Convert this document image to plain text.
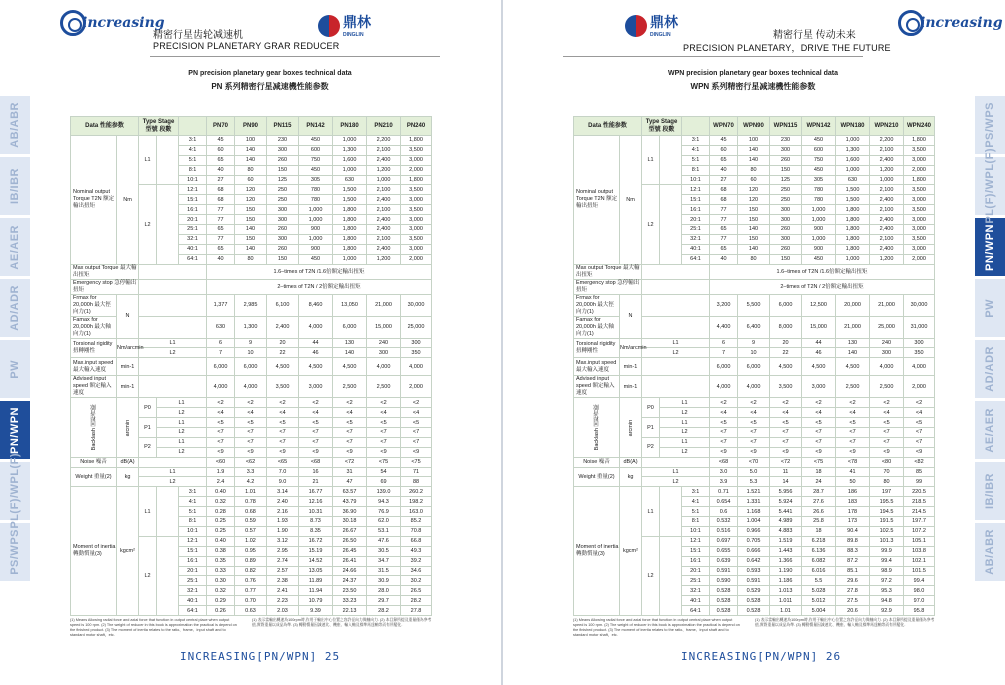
increasing	鼎林
DINGLIN
精密行星齿轮减速机
PRECISION PLANETARY GRAR REDUCER
PN precision planetary gear boxes technical data
PN 系列精密行星减速機性能参数
AB/ABR
IB/IBR
AE/AER
AD/ADR
PW
PN/WPN
PL(F)/WPL(F)
PS/WPS
Data 性能参数		Type Stage
型號 段數			PN70	PN90	PN115	PN142	PN180	PN210	PN240
Nominal output Torque T2N 额定輸出扭矩	Nm	L1		3:1	45	100	230	450	1,000	2,200	1,800
				4:1	60	140	300	600	1,300	2,100	3,500
				5:1	65	140	260	750	1,600	2,400	3,000
				8:1	40	80	150	450	1,000	1,200	2,000
				10:1	27	60	125	305	630	1,000	1,800
		L2		12:1	68	120	250	780	1,500	2,100	3,500
				15:1	68	120	250	780	1,500	2,400	3,000
				16:1	77	150	300	1,000	1,800	2,100	3,500
				20:1	77	150	300	1,000	1,800	2,400	3,000
				25:1	65	140	260	900	1,800	2,400	3,000
				32:1	77	150	300	1,000	1,800	2,100	3,500
				40:1	65	140	260	900	1,800	2,400	3,000
				64:1	40	80	150	450	1,000	1,200	2,000
Max output Torque 最大輸出扭矩					1.6–times of T2N /1.6倍額定輸出扭矩						
Emergency stop 急停輸出扭矩					2–times of T2N / 2倍額定輸出扭矩						
Frmax for 20,000h 最大徑向力(1)	N				1,377	2,985	6,100	8,460	13,050	21,000	30,000
Famax for 20,000h 最大軸向力(1)					630	1,300	2,400	4,000	6,000	15,000	25,000
Torsional rigidity 扭轉剛性	Nm/arcmin	L1			6	9	20	44	130	240	300
		L2			7	10	22	46	140	300	350
Max.input speed 最大輸入速度	min-1				6,000	6,000	4,500	4,500	4,500	4,000	4,000
Advised input speed 額定輸入速度	min-1				4,000	4,000	3,500	3,000	2,500	2,500	2,000
Backlash 回程背隙	arcmin	P0	L1		<2	<2	<2	<2	<2	<2	<2
			L2		<4	<4	<4	<4	<4	<4	<4
		P1	L1		<5	<5	<5	<5	<5	<5	<5
			L2		<7	<7	<7	<7	<7	<7	<7
		P2	L1		<7	<7	<7	<7	<7	<7	<7
			L2		<9	<9	<9	<9	<9	<9	<9
Noise 噪音	dB(A)				<60	<62	<65	<68	<72	<75	<75
Weight 重量(2)	kg	L1			1.9	3.3	7.0	16	31	54	71
		L2			2.4	4.2	9.0	21	47	69	88
Moment of inertia 轉動慣量(3)	kgcm²	L1		3:1	0.40	1.01	3.14	16.77	63.57	139.0	260.2
				4:1	0.32	0.78	2.40	12.16	43.79	94.3	198.2
				5:1	0.28	0.68	2.16	10.31	36.90	76.9	163.0
				8:1	0.25	0.59	1.93	8.73	30.18	62.0	85.2
				10:1	0.25	0.57	1.90	8.35	26.67	53.1	70.8
		L2		12:1	0.40	1.02	3.12	16.72	26.50	47.6	66.8
				15:1	0.38	0.95	2.95	15.19	26.45	30.5	49.3
				16:1	0.35	0.89	2.74	14.52	26.41	34.7	39.2
				20:1	0.33	0.82	2.57	13.05	24.66	31.5	34.6
				25:1	0.30	0.76	2.38	11.89	24.37	30.9	30.2
				32:1	0.32	0.77	2.41	11.94	23.50	28.0	26.5
				40:1	0.29	0.70	2.23	10.79	33.23	29.7	28.2
				64:1	0.26	0.63	2.03	9.39	22.13	28.2	27.8
(1) Means Allowing radial force and axial force that function in output central place when output speed is 100 rpm. (2) The weight of reducer in this book is approximation the practical is depend on the finished product. (3) The moment of inertia relates to the ratio、frame、input shaft and to standard motor shaft，etc.
(1) 表示當輸出轉速為100rpm時,作用于輸出中心位置之容許徑向力與軸向力. (2) 本目錄所提及重量僅為參考值,實際重量以成品為準. (3) 轉動慣量因減速比、機座、輸入軸及標準馬達軸等而有所變化.
INCREASING[PN/WPN] 25
increasing
鼎林
DINGLIN	精密行星 传动未来
PRECISION PLANETARY，DRIVE THE FUTURE
WPN precision planetary gear boxes technical data
WPN 系列精密行星减速機性能参数
PS/WPS
PL(F)/WPL(F)
PN/WPN
PW
AD/ADR
AE/AER
IB/IBR
AB/ABR
Data 性能参数		Type Stage
型號 段數			WPN70	WPN90	WPN115	WPN142	WPN180	WPN210	WPN240
Nominal output Torque T2N 额定輸出扭矩	Nm	L1		3:1	45	100	230	450	1,000	2,200	1,800
				4:1	60	140	300	600	1,300	2,100	3,500
				5:1	65	140	260	750	1,600	2,400	3,000
				8:1	40	80	150	450	1,000	1,200	2,000
				10:1	27	60	125	305	630	1,000	1,800
		L2		12:1	68	120	250	780	1,500	2,100	3,500
				15:1	68	120	250	780	1,500	2,400	3,000
				16:1	77	150	300	1,000	1,800	2,100	3,500
				20:1	77	150	300	1,000	1,800	2,400	3,000
				25:1	65	140	260	900	1,800	2,400	3,000
				32:1	77	150	300	1,000	1,800	2,100	3,500
				40:1	65	140	260	900	1,800	2,400	3,000
				64:1	40	80	150	450	1,000	1,200	2,000
Max output Torque 最大輸出扭矩					1.6–times of T2N /1.6倍額定輸出扭矩						
Emergency stop 急停輸出扭矩					2–times of T2N / 2倍額定輸出扭矩						
Frmax for 20,000h 最大徑向力(1)	N				3,200	5,500	6,000	12,500	20,000	21,000	30,000
Famax for 20,000h 最大軸向力(1)					4,400	6,400	8,000	15,000	21,000	25,000	31,000
Torsional rigidity 扭轉剛性	Nm/arcmin	L1			6	9	20	44	130	240	300
		L2			7	10	22	46	140	300	350
Max.input speed 最大輸入速度	min-1				6,000	6,000	4,500	4,500	4,500	4,000	4,000
Advised input speed 額定輸入速度	min-1				4,000	4,000	3,500	3,000	2,500	2,500	2,000
Backlash 回程背隙	arcmin	P0	L1		<2	<2	<2	<2	<2	<2	<2
			L2		<4	<4	<4	<4	<4	<4	<4
		P1	L1		<5	<5	<5	<5	<5	<5	<5
			L2		<7	<7	<7	<7	<7	<7	<7
		P2	L1		<7	<7	<7	<7	<7	<7	<7
			L2		<9	<9	<9	<9	<9	<9	<9
Noise 噪音	dB(A)				<68	<70	<72	<75	<78	<80	<82
Weight 重量(2)	kg	L1			3.0	5.0	11	18	41	70	85
		L2			3.9	5.3	14	24	50	80	99
Moment of inertia 轉動慣量(3)	kgcm²	L1		3:1	0.71	1.521	5.956	28.7	186	197	220.5
				4:1	0.654	1.331	5.924	27.6	183	195.5	218.5
				5:1	0.6	1.168	5.441	26.6	178	194.5	214.5
				8:1	0.532	1.004	4.989	25.8	173	191.5	197.7
				10:1	0.516	0.966	4.883	18	90.4	102.5	107.2
		L2		12:1	0.697	0.705	1.519	6.218	89.8	101.3	105.1
				15:1	0.655	0.666	1.443	6.136	88.3	99.9	103.8
				16:1	0.639	0.642	1.366	6.082	87.2	99.4	102.1
				20:1	0.591	0.593	1.190	6.016	85.1	98.9	101.5
				25:1	0.590	0.591	1.186	5.5	29.6	97.2	99.4
				32:1	0.528	0.529	1.013	5.028	27.8	95.3	98.0
				40:1	0.528	0.528	1.011	5.012	27.5	94.8	97.0
				64:1	0.528	0.528	1.01	5.004	20.6	92.9	95.8
(1) Means Allowing radial force and axial force that function in output central place when output speed is 100 rpm. (2) The weight of reducer in this book is approximation the practical is depend on the finished product. (3) The moment of inertia relates to the ratio、frame、input shaft and to standard motor shaft，etc.
(1) 表示當輸出轉速為100rpm時,作用于輸出中心位置之容許徑向力與軸向力. (2) 本目錄所提及重量僅為參考值,實際重量以成品為準. (3) 轉動慣量因減速比、機座、輸入軸及標準馬達軸等而有所變化.
INCREASING[PN/WPN] 26
